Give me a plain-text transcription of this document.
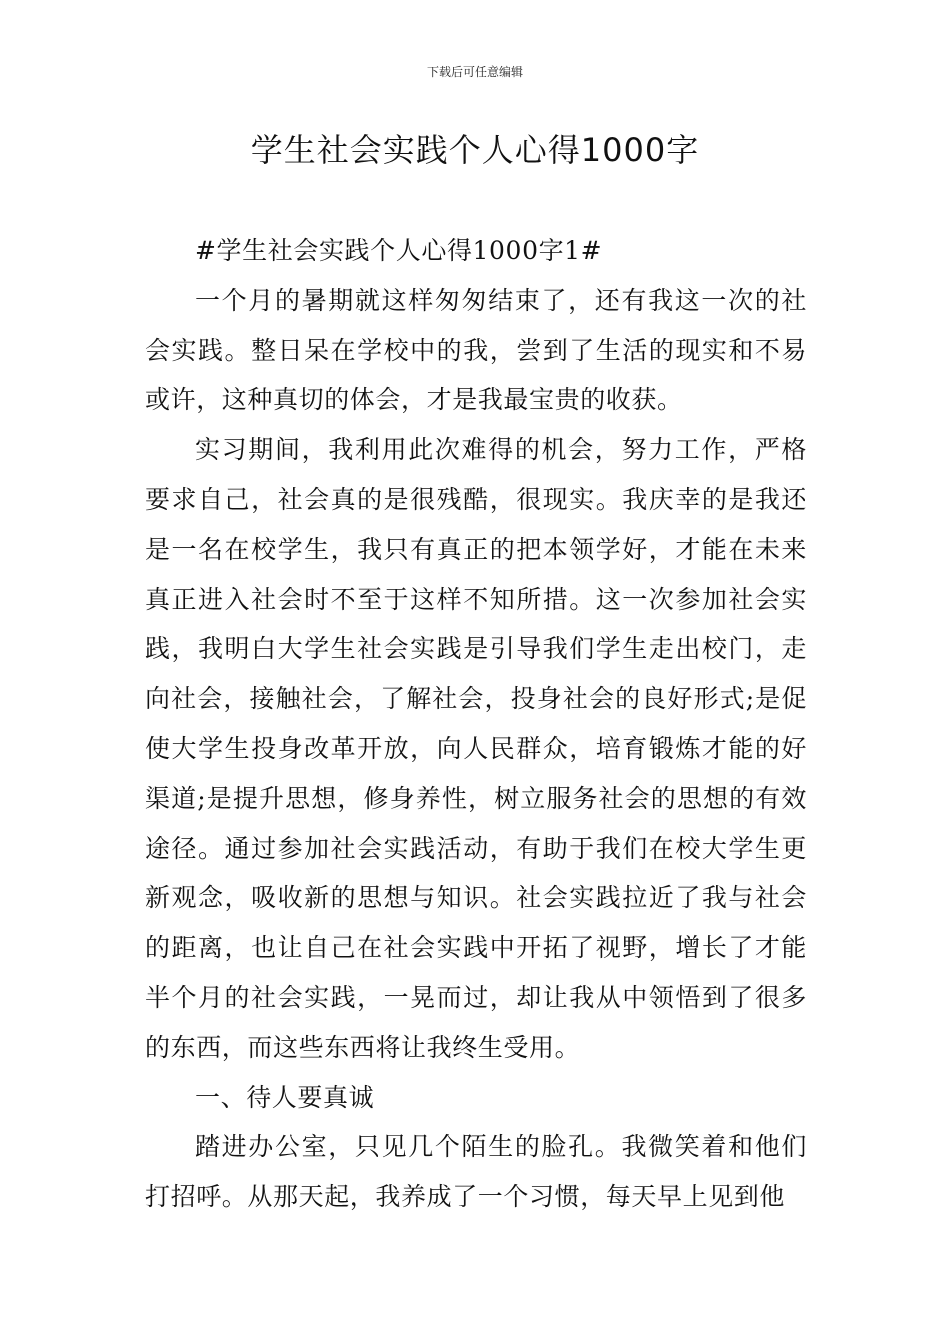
下载后可任意编辑
学生社会实践个人心得1000字

#学生社会实践个人心得1000字1#

一个月的暑期就这样匆匆结束了，还有我这一次的社会实践。整日呆在学校中的我，尝到了生活的现实和不易或许，这种真切的体会，才是我最宝贵的收获。

实习期间，我利用此次难得的机会，努力工作，严格要求自己，社会真的是很残酷，很现实。我庆幸的是我还是一名在校学生，我只有真正的把本领学好，才能在未来真正进入社会时不至于这样不知所措。这一次参加社会实践，我明白大学生社会实践是引导我们学生走出校门，走向社会，接触社会，了解社会，投身社会的良好形式;是促使大学生投身改革开放，向人民群众，培育锻炼才能的好渠道;是提升思想，修身养性，树立服务社会的思想的有效途径。通过参加社会实践活动，有助于我们在校大学生更新观念，吸收新的思想与知识。社会实践拉近了我与社会的距离，也让自己在社会实践中开拓了视野，增长了才能半个月的社会实践，一晃而过，却让我从中领悟到了很多的东西，而这些东西将让我终生受用。

一、待人要真诚

踏进办公室，只见几个陌生的脸孔。我微笑着和他们打招呼。从那天起，我养成了一个习惯，每天早上见到他
